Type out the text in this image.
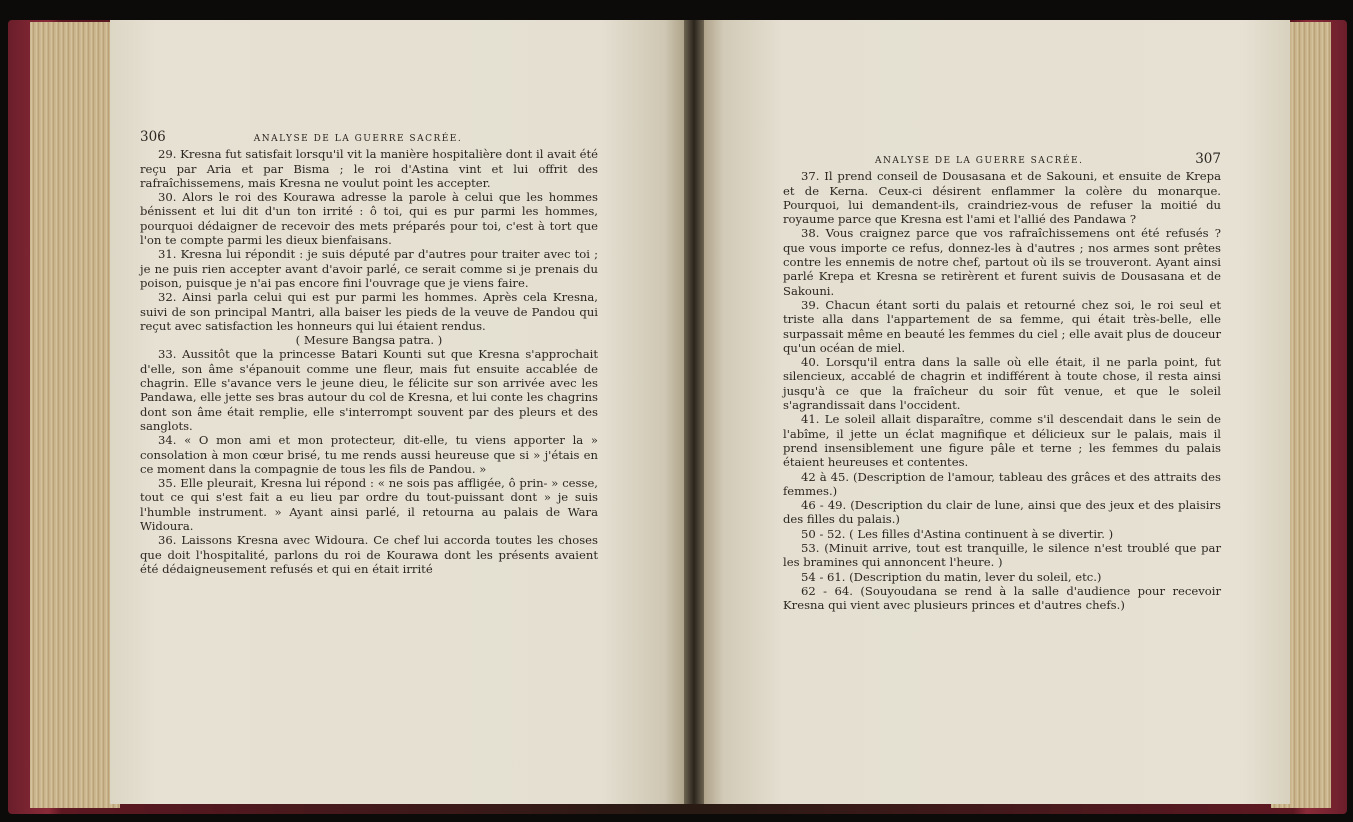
306	ANALYSE DE LA GUERRE SACRÉE.

29. Kresna fut satisfait lorsqu'il vit la manière hospitalière dont il avait été reçu par Aria et par Bisma ; le roi d'Astina vint et lui offrit des rafraîchissemens, mais Kresna ne voulut point les accepter.

30. Alors le roi des Kourawa adresse la parole à celui que les hommes bénissent et lui dit d'un ton irrité : ô toi, qui es pur parmi les hommes, pourquoi dédaigner de recevoir des mets préparés pour toi, c'est à tort que l'on te compte parmi les dieux bienfaisans.

31. Kresna lui répondit : je suis député par d'autres pour traiter avec toi ; je ne puis rien accepter avant d'avoir parlé, ce serait comme si je prenais du poison, puisque je n'ai pas encore fini l'ouvrage que je viens faire.

32. Ainsi parla celui qui est pur parmi les hommes. Après cela Kresna, suivi de son principal Mantri, alla baiser les pieds de la veuve de Pandou qui reçut avec satisfaction les honneurs qui lui étaient rendus.

( Mesure Bangsa patra. )

33. Aussitôt que la princesse Batari Kounti sut que Kresna s'approchait d'elle, son âme s'épanouit comme une fleur, mais fut ensuite accablée de chagrin. Elle s'avance vers le jeune dieu, le félicite sur son arrivée avec les Pandawa, elle jette ses bras autour du col de Kresna, et lui conte les chagrins dont son âme était remplie, elle s'interrompt souvent par des pleurs et des sanglots.

34. « O mon ami et mon protecteur, dit-elle, tu viens apporter la » consolation à mon cœur brisé, tu me rends aussi heureuse que si » j'étais en ce moment dans la compagnie de tous les fils de Pandou. »

35. Elle pleurait, Kresna lui répond : « ne sois pas affligée, ô prin- » cesse, tout ce qui s'est fait a eu lieu par ordre du tout-puissant dont » je suis l'humble instrument. » Ayant ainsi parlé, il retourna au palais de Wara Widoura.

36. Laissons Kresna avec Widoura. Ce chef lui accorda toutes les choses que doit l'hospitalité, parlons du roi de Kourawa dont les présents avaient été dédaigneusement refusés et qui en était irrité

ANALYSE DE LA GUERRE SACRÉE.	307

37. Il prend conseil de Dousasana et de Sakouni, et ensuite de Krepa et de Kerna. Ceux-ci désirent enflammer la colère du monarque. Pourquoi, lui demandent-ils, craindriez-vous de refuser la moitié du royaume parce que Kresna est l'ami et l'allié des Pandawa ?

38. Vous craignez parce que vos rafraîchissemens ont été refusés ? que vous importe ce refus, donnez-les à d'autres ; nos armes sont prêtes contre les ennemis de notre chef, partout où ils se trouveront. Ayant ainsi parlé Krepa et Kresna se retirèrent et furent suivis de Dousasana et de Sakouni.

39. Chacun étant sorti du palais et retourné chez soi, le roi seul et triste alla dans l'appartement de sa femme, qui était très-belle, elle surpassait même en beauté les femmes du ciel ; elle avait plus de douceur qu'un océan de miel.

40. Lorsqu'il entra dans la salle où elle était, il ne parla point, fut silencieux, accablé de chagrin et indifférent à toute chose, il resta ainsi jusqu'à ce que la fraîcheur du soir fût venue, et que le soleil s'agrandissait dans l'occident.

41. Le soleil allait disparaître, comme s'il descendait dans le sein de l'abîme, il jette un éclat magnifique et délicieux sur le palais, mais il prend insensiblement une figure pâle et terne ; les femmes du palais étaient heureuses et contentes.

42 à 45. (Description de l'amour, tableau des grâces et des attraits des femmes.)

46 - 49. (Description du clair de lune, ainsi que des jeux et des plaisirs des filles du palais.)

50 - 52. ( Les filles d'Astina continuent à se divertir. )

53. (Minuit arrive, tout est tranquille, le silence n'est troublé que par les bramines qui annoncent l'heure. )

54 - 61. (Description du matin, lever du soleil, etc.)

62 - 64. (Souyoudana se rend à la salle d'audience pour recevoir Kresna qui vient avec plusieurs princes et d'autres chefs.)
